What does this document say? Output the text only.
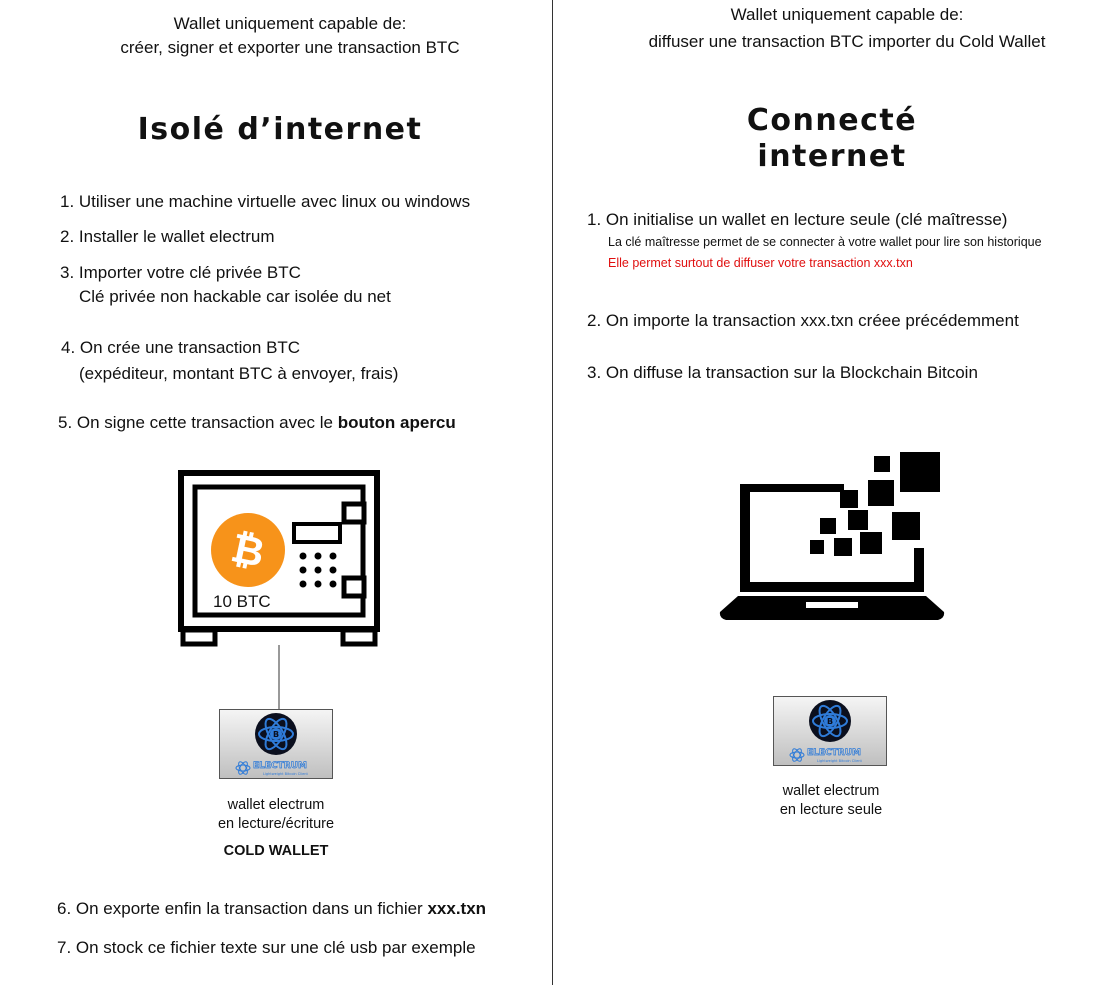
Wallet uniquement capable de:
créer, signer et exporter une transaction BTC
Isolé d’internet
1. Utiliser une machine virtuelle avec linux ou windows
2. Installer le wallet electrum
3. Importer votre clé privée BTC
Clé privée non hackable car isolée du net
4. On crée une transaction BTC
(expéditeur, montant BTC à envoyer, frais)
5. On signe cette transaction avec le bouton apercu
₿
10 BTC
B
ELECTRUM
Lightweight Bitcoin Client
wallet electrum
en lecture/écriture
COLD WALLET
6. On exporte enfin la transaction dans un fichier xxx.txn
7. On stock ce fichier texte sur une clé usb par exemple
Wallet uniquement capable de:
diffuser une transaction BTC importer du Cold Wallet
Connecté
internet
1. On initialise un wallet en lecture seule (clé maîtresse)
La clé maîtresse permet de se connecter à votre wallet pour lire son historique
Elle permet surtout de diffuser votre transaction xxx.txn
2. On importe la transaction xxx.txn créee précédemment
3. On diffuse la transaction sur la Blockchain Bitcoin
B
ELECTRUM
Lightweight Bitcoin Client
wallet electrum
en lecture seule
